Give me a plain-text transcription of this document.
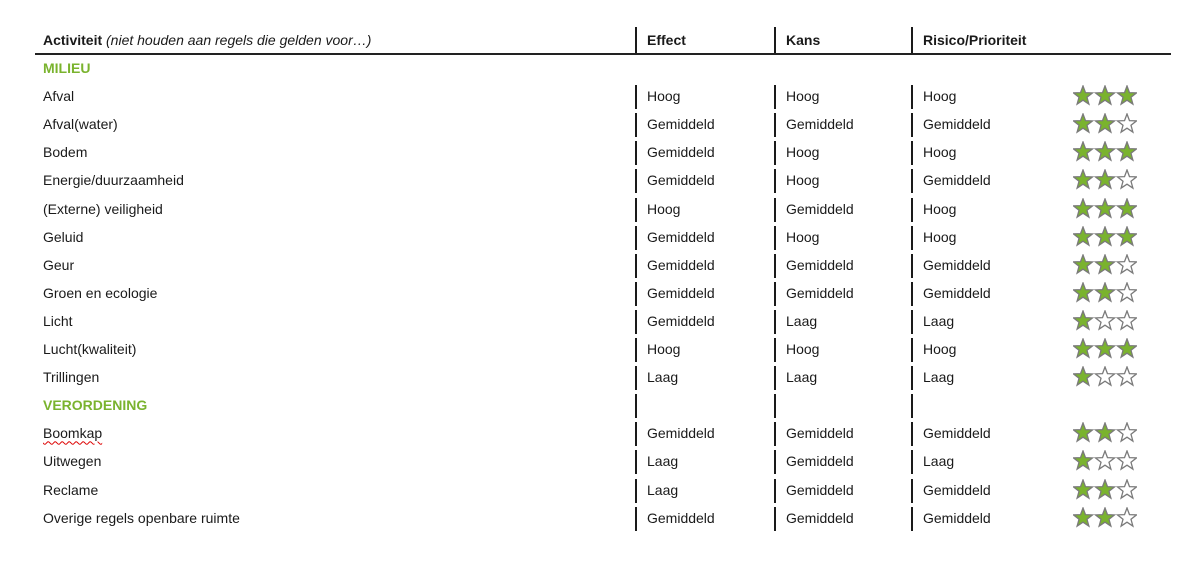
Activiteit (niet houden aan regels die gelden voor…)	Effect	Kans	Risico/Prioriteit
MILIEU
Afval	Hoog	Hoog	Hoog
Afval(water)	Gemiddeld	Gemiddeld	Gemiddeld
Bodem	Gemiddeld	Hoog	Hoog
Energie/duurzaamheid	Gemiddeld	Hoog	Gemiddeld
(Externe) veiligheid	Hoog	Gemiddeld	Hoog
Geluid	Gemiddeld	Hoog	Hoog
Geur	Gemiddeld	Gemiddeld	Gemiddeld
Groen en ecologie	Gemiddeld	Gemiddeld	Gemiddeld
Licht	Gemiddeld	Laag	Laag
Lucht(kwaliteit)	Hoog	Hoog	Hoog
Trillingen	Laag	Laag	Laag
VERORDENING
Boomkap	Gemiddeld	Gemiddeld	Gemiddeld
Uitwegen	Laag	Gemiddeld	Laag
Reclame	Laag	Gemiddeld	Gemiddeld
Overige regels openbare ruimte	Gemiddeld	Gemiddeld	Gemiddeld
